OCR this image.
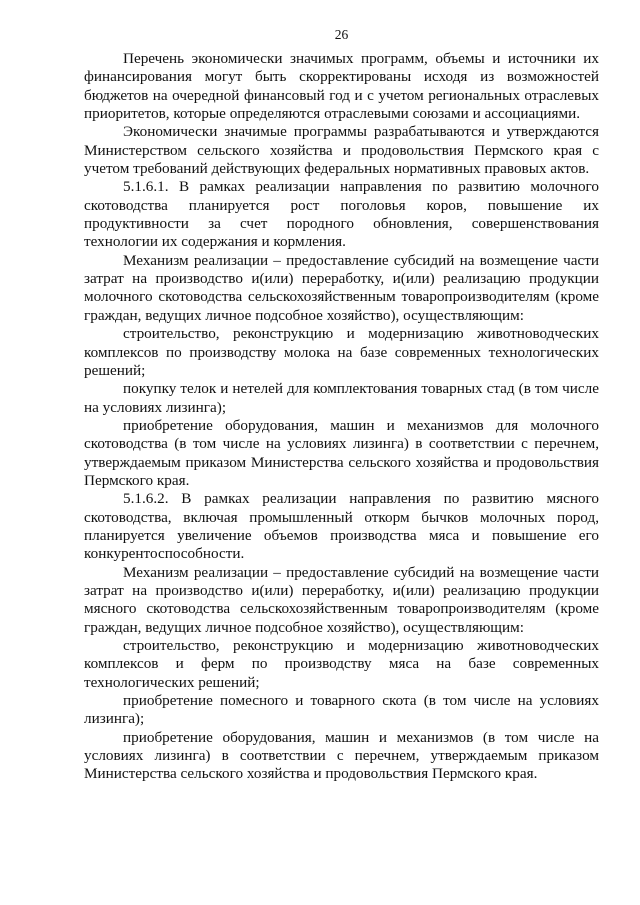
26

Перечень экономически значимых программ, объемы и источники их финансирования могут быть скорректированы исходя из возможностей бюджетов на очередной финансовый год и с учетом региональных отраслевых приоритетов, которые определяются отраслевыми союзами и ассоциациями.

Экономически значимые программы разрабатываются и утверждаются Министерством сельского хозяйства и продовольствия Пермского края с учетом требований действующих федеральных нормативных правовых актов.

5.1.6.1. В рамках реализации направления по развитию молочного скотоводства планируется рост поголовья коров, повышение их продуктивности за счет породного обновления, совершенствования технологии их содержания и кормления.

Механизм реализации – предоставление субсидий на возмещение части затрат на производство и(или) переработку, и(или) реализацию продукции молочного скотоводства сельскохозяйственным товаропроизводителям (кроме граждан, ведущих личное подсобное хозяйство), осуществляющим:

строительство, реконструкцию и модернизацию животноводческих комплексов по производству молока на базе современных технологических решений;

покупку телок и нетелей для комплектования товарных стад (в том числе на условиях лизинга);

приобретение оборудования, машин и механизмов для молочного скотоводства (в том числе на условиях лизинга) в соответствии с перечнем, утверждаемым приказом Министерства сельского хозяйства и продовольствия Пермского края.

5.1.6.2. В рамках реализации направления по развитию мясного скотоводства, включая промышленный откорм бычков молочных пород, планируется увеличение объемов производства мяса и повышение его конкурентоспособности.

Механизм реализации – предоставление субсидий на возмещение части затрат на производство и(или) переработку, и(или) реализацию продукции мясного скотоводства сельскохозяйственным товаропроизводителям (кроме граждан, ведущих личное подсобное хозяйство), осуществляющим:

строительство, реконструкцию и модернизацию животноводческих комплексов и ферм по производству мяса на базе современных технологических решений;

приобретение помесного и товарного скота (в том числе на условиях лизинга);

приобретение оборудования, машин и механизмов (в том числе на условиях лизинга) в соответствии с перечнем, утверждаемым приказом Министерства сельского хозяйства и продовольствия Пермского края.
